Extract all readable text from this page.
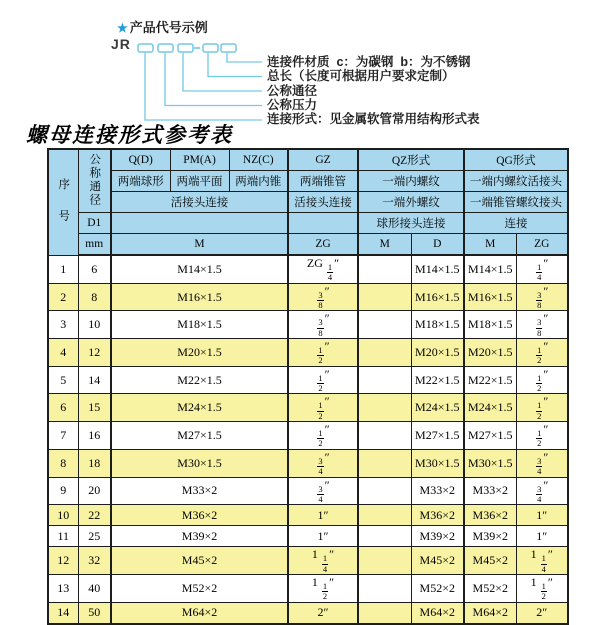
★ 产品代号示例
JR
连接件材质  c：为碳钢  b：为不锈钢
总长（长度可根据用户要求定制）
公称通径
公称压力
连接形式：见金属软管常用结构形式表
螺母连接形式参考表
序号	公称通径	Q(D)	PM(A)	NZ(C)	GZ	QZ形式		QG形式	
		两端球形	两端平面	两端内锥	两端锥管	一端内螺纹		一端内螺纹活接头	
		活接头连接			活接头连接	一端外螺纹		一端锥管螺纹接头	
	D1					球形接头连接		连接	
	mm	M			ZG	M	D	M	ZG
1	6	M14×1.5			ZG $\frac{1}{4}$ ″		M14×1.5	M14×1.5	$\frac{1}{4}$ ″
2	8	M16×1.5			$\frac{3}{8}$ ″		M16×1.5	M16×1.5	$\frac{3}{8}$ ″
3	10	M18×1.5			$\frac{3}{8}$ ″		M18×1.5	M18×1.5	$\frac{3}{8}$ ″
4	12	M20×1.5			$\frac{1}{2}$ ″		M20×1.5	M20×1.5	$\frac{1}{2}$ ″
5	14	M22×1.5			$\frac{1}{2}$ ″		M22×1.5	M22×1.5	$\frac{1}{2}$ ″
6	15	M24×1.5			$\frac{1}{2}$ ″		M24×1.5	M24×1.5	$\frac{1}{2}$ ″
7	16	M27×1.5			$\frac{1}{2}$ ″		M27×1.5	M27×1.5	$\frac{1}{2}$ ″
8	18	M30×1.5			$\frac{3}{4}$ ″		M30×1.5	M30×1.5	$\frac{3}{4}$ ″
9	20	M33×2			$\frac{3}{4}$ ″		M33×2	M33×2	$\frac{3}{4}$ ″
10	22	M36×2			1″		M36×2	M36×2	1″
11	25	M39×2			1″		M39×2	M39×2	1″
12	32	M45×2			$1 \frac{1}{4}$ ″		M45×2	M45×2	$1 \frac{1}{4}$ ″
13	40	M52×2			$1 \frac{1}{2}$ ″		M52×2	M52×2	$1 \frac{1}{2}$ ″
14	50	M64×2			2″		M64×2	M64×2	2″
